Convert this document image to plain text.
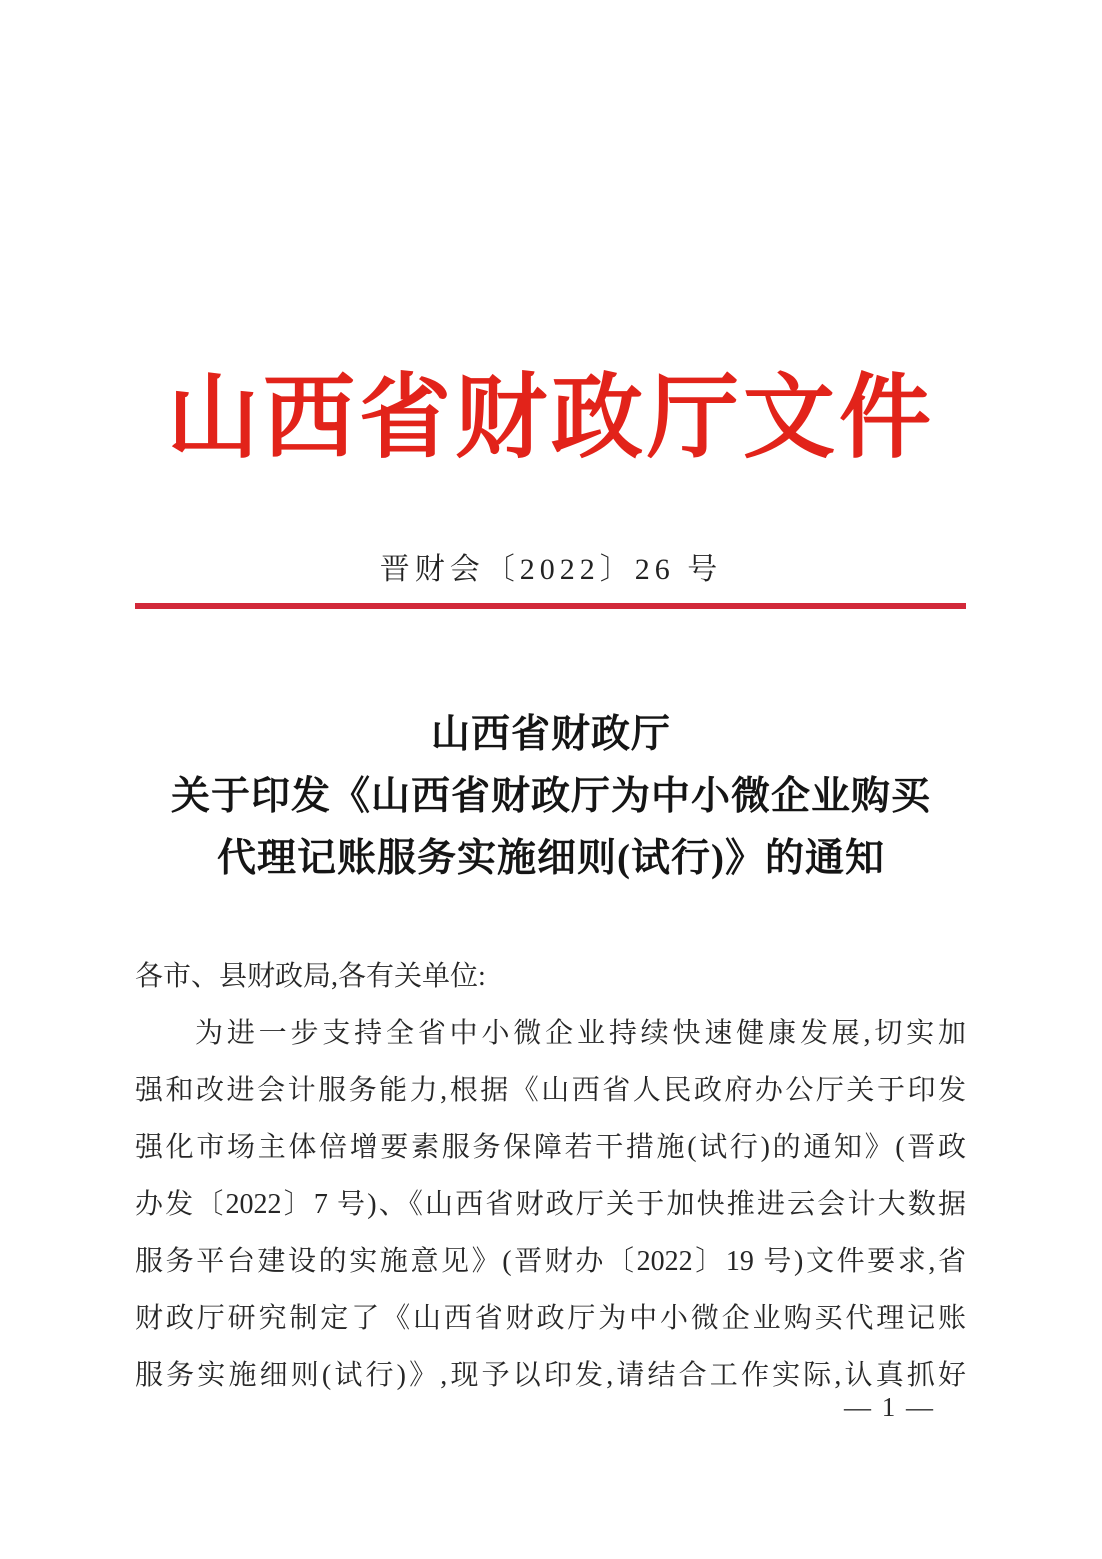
山西省财政厅文件
晋财会〔2022〕26 号
山西省财政厅
关于印发《山西省财政厅为中小微企业购买
代理记账服务实施细则(试行)》的通知
各市、县财政局,各有关单位:
为进一步支持全省中小微企业持续快速健康发展,切实加
强和改进会计服务能力,根据《山西省人民政府办公厅关于印发
强化市场主体倍增要素服务保障若干措施(试行)的通知》(晋政
办发〔2022〕7 号)、《山西省财政厅关于加快推进云会计大数据
服务平台建设的实施意见》(晋财办〔2022〕19 号)文件要求,省
财政厅研究制定了《山西省财政厅为中小微企业购买代理记账
服务实施细则(试行)》,现予以印发,请结合工作实际,认真抓好
— 1 —
